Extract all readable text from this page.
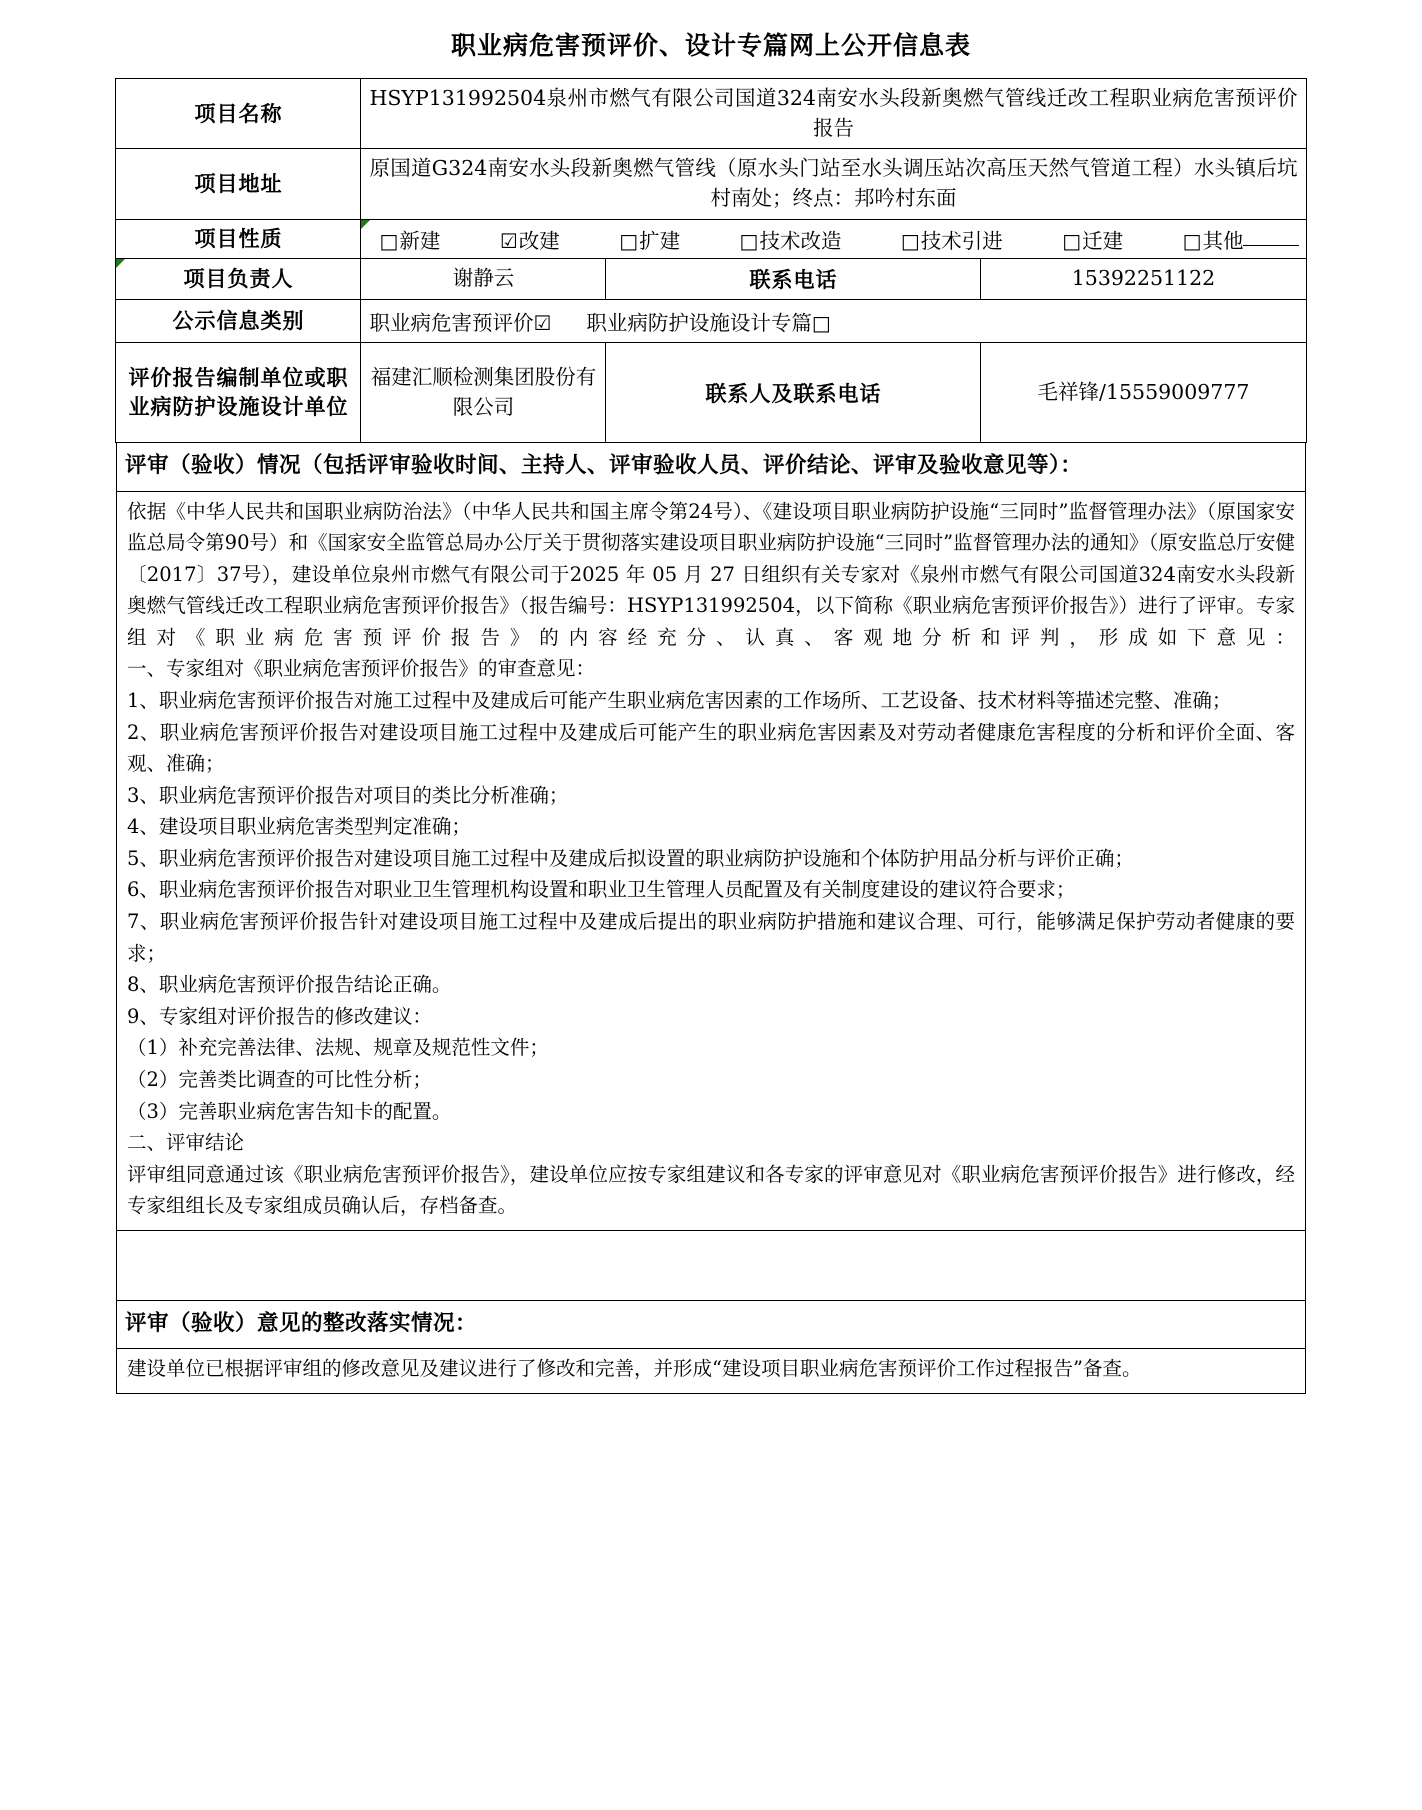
职业病危害预评价、设计专篇网上公开信息表
项目名称	HSYP131992504泉州市燃气有限公司国道324南安水头段新奥燃气管线迁改工程职业病危害预评价报告		
项目地址	原国道G324南安水头段新奥燃气管线（原水头门站至水头调压站次高压天然气管道工程）水头镇后坑村南处；终点：邦吟村东面		
项目性质	□新建	☑改建	□扩建	□技术改造	□技术引进	□迁建	□其他

项目负责人	谢静云	联系电话	15392251122
公示信息类别	职业病危害预评价☑ 职业病防护设施设计专篇□		

评价报告编制单位或职业病防护设施设计单位	福建汇顺检测集团股份有限公司	联系人及联系电话	毛祥锋/15559009777
评审（验收）情况（包括评审验收时间、主持人、评审验收人员、评价结论、评审及验收意见等）：

依据《中华人民共和国职业病防治法》（中华人民共和国主席令第24号）、《建设项目职业病防护设施“三同时”监督管理办法》（原国家安监总局令第90号）和《国家安全监管总局办公厅关于贯彻落实建设项目职业病防护设施“三同时”监督管理办法的通知》（原安监总厅安健〔2017〕37号），建设单位泉州市燃气有限公司于2025 年 05 月 27 日组织有关专家对《泉州市燃气有限公司国道324南安水头段新奥燃气管线迁改工程职业病危害预评价报告》（报告编号：HSYP131992504，以下简称《职业病危害预评价报告》）进行了评审。专家组对《职业病危害预评价报告》的内容经充分、认真、客观地分析和评判，形成如下意见：

一、专家组对《职业病危害预评价报告》的审查意见：

1、职业病危害预评价报告对施工过程中及建成后可能产生职业病危害因素的工作场所、工艺设备、技术材料等描述完整、准确；

2、职业病危害预评价报告对建设项目施工过程中及建成后可能产生的职业病危害因素及对劳动者健康危害程度的分析和评价全面、客观、准确；

3、职业病危害预评价报告对项目的类比分析准确；

4、建设项目职业病危害类型判定准确；

5、职业病危害预评价报告对建设项目施工过程中及建成后拟设置的职业病防护设施和个体防护用品分析与评价正确；

6、职业病危害预评价报告对职业卫生管理机构设置和职业卫生管理人员配置及有关制度建设的建议符合要求；

7、职业病危害预评价报告针对建设项目施工过程中及建成后提出的职业病防护措施和建议合理、可行，能够满足保护劳动者健康的要求；

8、职业病危害预评价报告结论正确。

9、专家组对评价报告的修改建议：

（1）补充完善法律、法规、规章及规范性文件；

（2）完善类比调查的可比性分析；

（3）完善职业病危害告知卡的配置。

二、评审结论

评审组同意通过该《职业病危害预评价报告》，建设单位应按专家组建议和各专家的评审意见对《职业病危害预评价报告》进行修改，经专家组组长及专家组成员确认后，存档备查。

评审（验收）意见的整改落实情况：

建设单位已根据评审组的修改意见及建议进行了修改和完善，并形成“建设项目职业病危害预评价工作过程报告”备查。
